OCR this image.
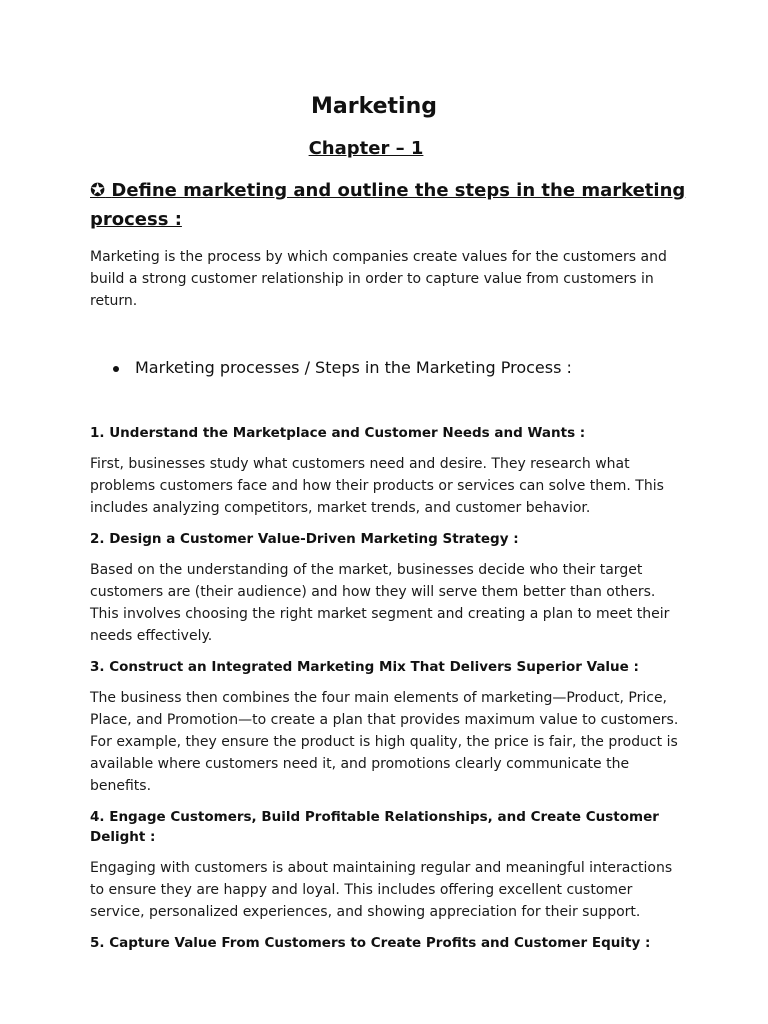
Marketing
Chapter – 1
✪ Define marketing and outline the steps in the marketing process :

Marketing is the process by which companies create values for the customers and build a strong customer relationship in order to capture value from customers in return.

Marketing processes / Steps in the Marketing Process :
1. Understand the Marketplace and Customer Needs and Wants :

First, businesses study what customers need and desire. They research what problems customers face and how their products or services can solve them. This includes analyzing competitors, market trends, and customer behavior.

2. Design a Customer Value-Driven Marketing Strategy :

Based on the understanding of the market, businesses decide who their target customers are (their audience) and how they will serve them better than others. This involves choosing the right market segment and creating a plan to meet their needs effectively.

3. Construct an Integrated Marketing Mix That Delivers Superior Value :

The business then combines the four main elements of marketing—Product, Price, Place, and Promotion—to create a plan that provides maximum value to customers. For example, they ensure the product is high quality, the price is fair, the product is available where customers need it, and promotions clearly communicate the benefits.

4. Engage Customers, Build Profitable Relationships, and Create Customer Delight :

Engaging with customers is about maintaining regular and meaningful interactions to ensure they are happy and loyal. This includes offering excellent customer service, personalized experiences, and showing appreciation for their support.

5. Capture Value From Customers to Create Profits and Customer Equity :
